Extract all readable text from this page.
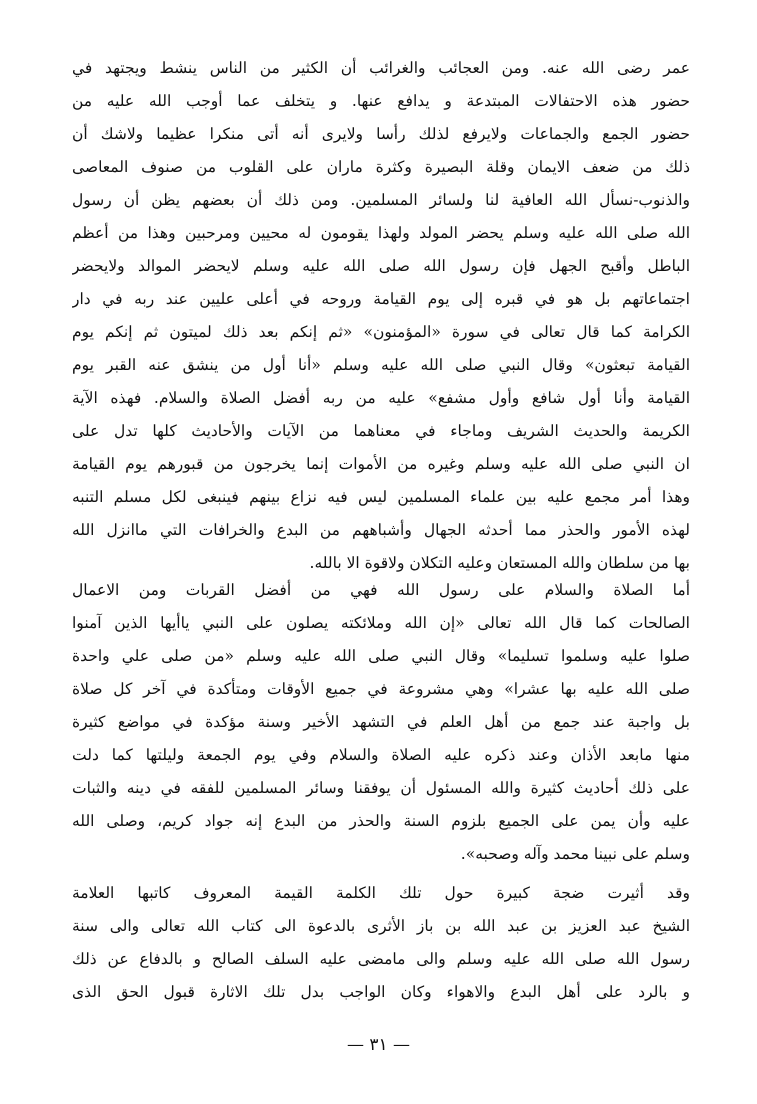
عمر رضى الله عنه. ومن العجائب والغرائب أن الكثير من الناس ينشط ويجتهد في
حضور هذه الاحتفالات المبتدعة و يدافع عنها. و يتخلف عما أوجب الله عليه من
حضور الجمع والجماعات ولايرفع لذلك رأسا ولايرى أنه أتى منكرا عظيما ولاشك أن
ذلك من ضعف الايمان وقلة البصيرة وكثرة ماران على القلوب من صنوف المعاصى
والذنوب-نسأل الله العافية لنا ولسائر المسلمين. ومن ذلك أن بعضهم يظن أن رسول
الله صلى الله عليه وسلم يحضر المولد ولهذا يقومون له محيين ومرحبين وهذا من أعظم
الباطل وأقبح الجهل فإن رسول الله صلى الله عليه وسلم لايحضر الموالد ولايحضر
اجتماعاتهم بل هو في قبره إلى يوم القيامة وروحه في أعلى عليين عند ربه في دار
الكرامة كما قال تعالى في سورة «المؤمنون» «ثم إنكم بعد ذلك لميتون ثم إنكم يوم
القيامة تبعثون» وقال النبي صلى الله عليه وسلم «أنا أول من ينشق عنه القبر يوم
القيامة وأنا أول شافع وأول مشفع» عليه من ربه أفضل الصلاة والسلام. فهذه الآية
الكريمة والحديث الشريف وماجاء في معناهما من الآيات والأحاديث كلها تدل على
ان النبي صلى الله عليه وسلم وغيره من الأموات إنما يخرجون من قبورهم يوم القيامة
وهذا أمر مجمع عليه بين علماء المسلمين ليس فيه نزاع بينهم فينبغى لكل مسلم التنبه
لهذه الأمور والحذر مما أحدثه الجهال وأشباههم من البدع والخرافات التي ماانزل الله
بها من سلطان والله المستعان وعليه التكلان ولاقوة الا بالله.
أما الصلاة والسلام على رسول الله فهي من أفضل القربات ومن الاعمال
الصالحات كما قال الله تعالى «إن الله وملائكته يصلون على النبي ياأيها الذين آمنوا
صلوا عليه وسلموا تسليما» وقال النبي صلى الله عليه وسلم «من صلى علي واحدة
صلى الله عليه بها عشرا» وهي مشروعة في جميع الأوقات ومتأكدة في آخر كل صلاة
بل واجبة عند جمع من أهل العلم في التشهد الأخير وسنة مؤكدة في مواضع كثيرة
منها مابعد الأذان وعند ذكره عليه الصلاة والسلام وفي يوم الجمعة وليلتها كما دلت
على ذلك أحاديث كثيرة والله المسئول أن يوفقنا وسائر المسلمين للفقه في دينه والثبات
عليه وأن يمن على الجميع بلزوم السنة والحذر من البدع إنه جواد كريم، وصلى الله
وسلم على نبينا محمد وآله وصحبه».
وقد أثيرت ضجة كبيرة حول تلك الكلمة القيمة المعروف كاتبها العلامة
الشيخ عبد العزيز بن عبد الله بن باز الأثرى بالدعوة الى كتاب الله تعالى والى سنة
رسول الله صلى الله عليه وسلم والى مامضى عليه السلف الصالح و بالدفاع عن ذلك
و بالرد على أهل البدع والاهواء وكان الواجب بدل تلك الاثارة قبول الحق الذى
— ٣١ —
